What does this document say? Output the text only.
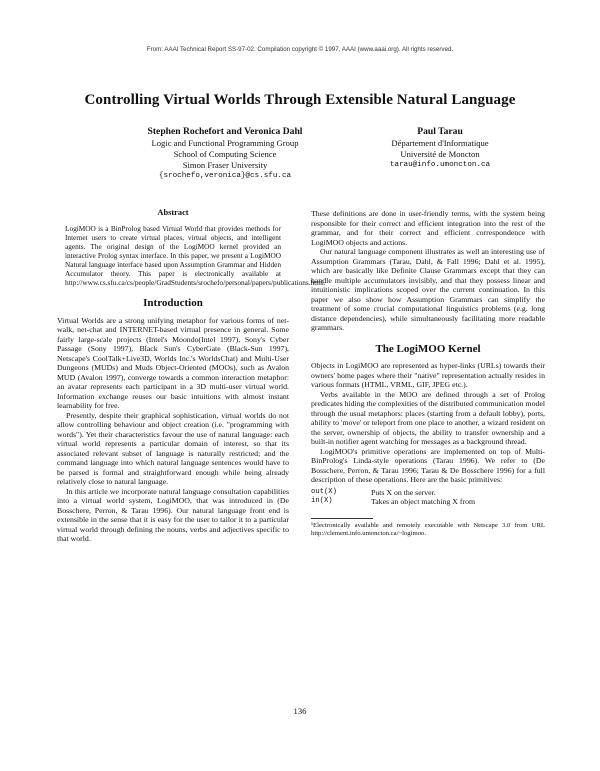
From: AAAI Technical Report SS-97-02. Compilation copyright © 1997, AAAI (www.aaai.org). All rights reserved.
Controlling Virtual Worlds Through Extensible Natural Language
Stephen Rochefort and Veronica Dahl
Logic and Functional Programming Group
School of Computing Science
Simon Fraser University
{srochefo,veronica}@cs.sfu.ca
Paul Tarau
Département d'Informatique
Université de Moncton
tarau@info.umoncton.ca
Abstract

LogiMOO is a BinProlog based Virtual World that provides methods for Internet users to create virtual places, virtual objects, and intelligent agents. The original design of the LogiMOO kernel provided an interactive Prolog syntax interface. In this paper, we present a LogiMOO Natural language interface based upon Assumption Grammar and Hidden Accumulator theory. This paper is electronically available at http://www.cs.sfu.ca/cs/people/GradStudents/srochefo/personal/papers/publications.html.

Introduction

Virtual Worlds are a strong unifying metaphor for various forms of net-walk, net-chat and INTERNET-based virtual presence in general. Some fairly large-scale projects (Intel's Moondo(Intel 1997), Sony's Cyber Passage (Sony 1997), Black Sun's CyberGate (Black-Sun 1997), Netscape's CoolTalk+Live3D, Worlds Inc.'s WorldsChat) and Multi-User Dungeons (MUDs) and Muds Object-Oriented (MOOs), such as Avalon MUD (Avalon 1997), converge towards a common interaction metaphor: an avatar represents each participant in a 3D multi-user virtual world. Information exchange reuses our basic intuitions with almost instant learnability for free.

Presently, despite their graphical sophistication, virtual worlds do not allow controlling behaviour and object creation (i.e. "programming with words"). Yet their characteristics favour the use of natural language: each virtual world represents a particular domain of interest, so that its associated relevant subset of language is naturally restricted; and the command language into which natural language sentences would have to be parsed is formal and straightforward enough while being already relatively close to natural language.

In this article we incorporate natural language consultation capabilities into a virtual world system, LogiMOO, that was introduced in (De Bosschere, Perron, & Tarau 1996). Our natural language front end is extensible in the sense that it is easy for the user to tailor it to a particular virtual world through defining the nouns, verbs and adjectives specific to that world.

These definitions are done in user-friendly terms, with the system being responsible for their correct and efficient integration into the rest of the grammar, and for their correct and efficient correspondence with LogiMOO objects and actions.

Our natural language component illustrates as well an interesting use of Assumption Grammars (Tarau, Dahl, & Fall 1996; Dahl et al. 1995), which are basically like Definite Clause Grammars except that they can handle multiple accumulators invisibly, and that they possess linear and intuitionistic implications scoped over the current continuation. In this paper we also show how Assumption Grammars can simplify the treatment of some crucial computational linguistics problems (e.g. long distance dependencies), while simultaneously facilitating more readable grammars.

The LogiMOO Kernel

Objects in LogiMOO are represented as hyper-links (URLs) towards their owners' home pages where their "native" representation actually resides in various formats (HTML, VRML, GIF, JPEG etc.).

Verbs available in the MOO are defined through a set of Prolog predicates hiding the complexities of the distributed communication model through the usual metaphors: places (starting from a default lobby), ports, ability to 'move' or teleport from one place to another, a wizard resident on the server, ownership of objects, the ability to transfer ownership and a built-in notifier agent watching for messages as a background thread.

LogiMOO's primitive operations are implemented on top of Multi-BinProlog's Linda-style operations (Tarau 1996). We refer to (De Bosschere, Perron, & Tarau 1996; Tarau & De Bosschere 1996) for a full description of these operations. Here are the basic primitives:

out(X)	Puts X on the server.
in(X)	Takes an object matching X from

¹Electronically available and remotely executable with Netscape 3.0 from URL http://clement.info.umoncton.ca/~logimoo.

136
